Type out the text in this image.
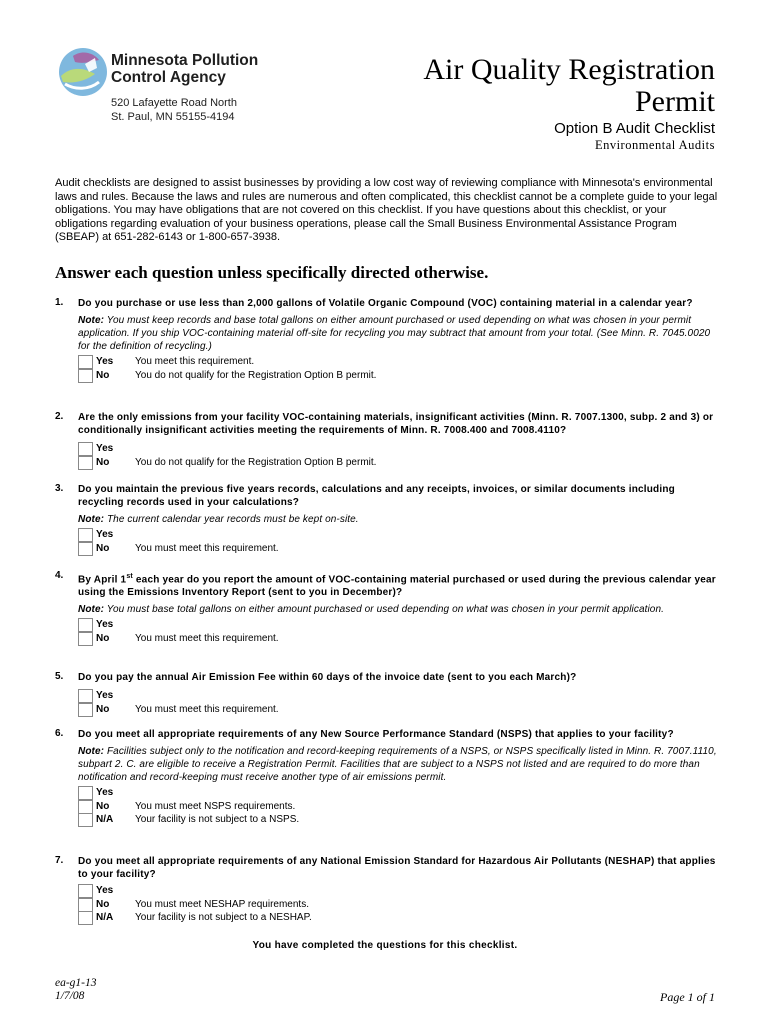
Minnesota Pollution
Control Agency
520 Lafayette Road North
St. Paul, MN 55155-4194
Air Quality Registration
Permit
Option B Audit Checklist
Environmental Audits
Audit checklists are designed to assist businesses by providing a low cost way of reviewing compliance with Minnesota's environmental laws and rules. Because the laws and rules are numerous and often complicated, this checklist cannot be a complete guide to your legal obligations. You may have obligations that are not covered on this checklist. If you have questions about this checklist, or your obligations regarding evaluation of your business operations, please call the Small Business Environmental Assistance Program (SBEAP) at 651-282-6143 or 1-800-657-3938.
Answer each question unless specifically directed otherwise.
1. Do you purchase or use less than 2,000 gallons of Volatile Organic Compound (VOC) containing material in a calendar year?
Note: You must keep records and base total gallons on either amount purchased or used depending on what was chosen in your permit application. If you ship VOC-containing material off-site for recycling you may subtract that amount from your total. (See Minn. R. 7045.0020 for the definition of recycling.)
Yes You meet this requirement.
No	You do not qualify for the Registration Option B permit.
2. Are the only emissions from your facility VOC-containing materials, insignificant activities (Minn. R. 7007.1300, subp. 2 and 3) or conditionally insignificant activities meeting the requirements of Minn. R. 7008.400 and 7008.4110?
Yes
No	You do not qualify for the Registration Option B permit.
3. Do you maintain the previous five years records, calculations and any receipts, invoices, or similar documents including recycling records used in your calculations?
Note: The current calendar year records must be kept on-site.
Yes
No	You must meet this requirement.
4. By April 1st each year do you report the amount of VOC-containing material purchased or used during the previous calendar year using the Emissions Inventory Report (sent to you in December)?
Note: You must base total gallons on either amount purchased or used depending on what was chosen in your permit application.
Yes
No	You must meet this requirement.
5. Do you pay the annual Air Emission Fee within 60 days of the invoice date (sent to you each March)?
Yes
No	You must meet this requirement.
6. Do you meet all appropriate requirements of any New Source Performance Standard (NSPS) that applies to your facility?
Note: Facilities subject only to the notification and record-keeping requirements of a NSPS, or NSPS specifically listed in Minn. R. 7007.1110, subpart 2. C. are eligible to receive a Registration Permit. Facilities that are subject to a NSPS not listed and are required to do more than notification and record-keeping must receive another type of air emissions permit.
Yes
No	You must meet NSPS requirements.
N/A Your facility is not subject to a NSPS.
7. Do you meet all appropriate requirements of any National Emission Standard for Hazardous Air Pollutants (NESHAP) that applies to your facility?
Yes
No	You must meet NESHAP requirements.
N/A Your facility is not subject to a NESHAP.
You have completed the questions for this checklist.
ea-g1-13
1/7/08	Page 1 of 1
